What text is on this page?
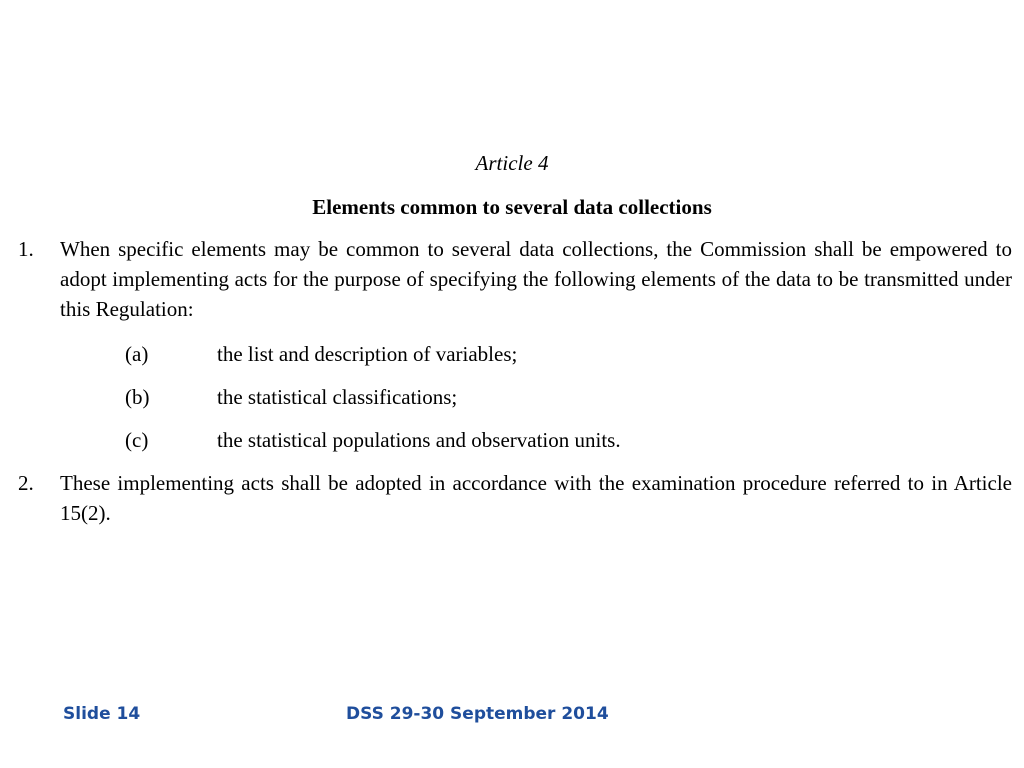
Article 4
Elements common to several data collections
1. When specific elements may be common to several data collections, the Commission shall be empowered to adopt implementing acts for the purpose of specifying the following elements of the data to be transmitted under this Regulation:
(a)	the list and description of variables;
(b)	the statistical classifications;
(c)	the statistical populations and observation units.
2. These implementing acts shall be adopted in accordance with the examination procedure referred to in Article 15(2).
Slide 14	DSS 29-30 September 2014
